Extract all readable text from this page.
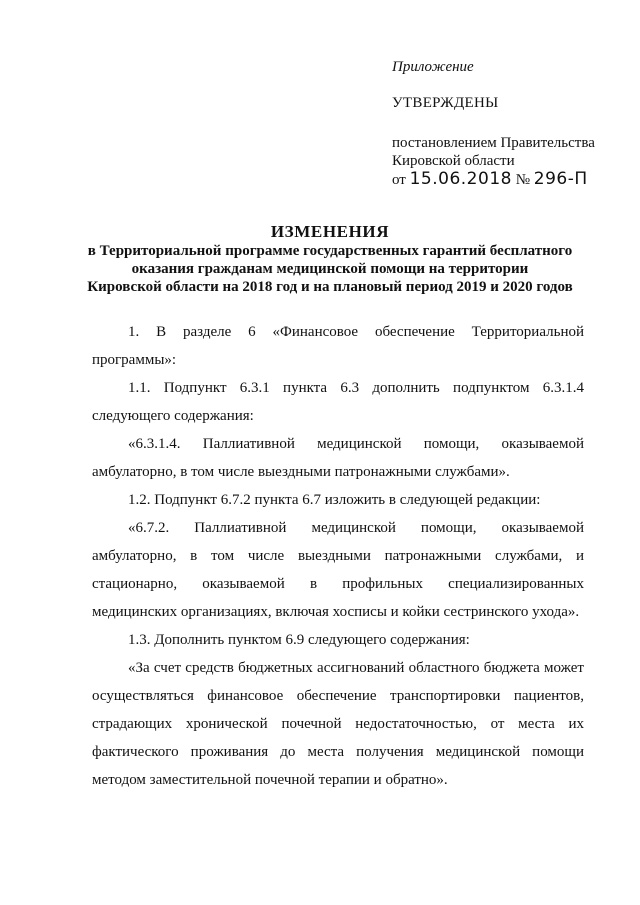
Приложение
УТВЕРЖДЕНЫ
постановлением Правительства
Кировской области
от 15.06.2018 № 296-П
ИЗМЕНЕНИЯ
в Территориальной программе государственных гарантий бесплатного
оказания гражданам медицинской помощи на территории
Кировской области на 2018 год и на плановый период 2019 и 2020 годов

1. В разделе 6 «Финансовое обеспечение Территориальной программы»:

1.1. Подпункт 6.3.1 пункта 6.3 дополнить подпунктом 6.3.1.4 следующего содержания:

«6.3.1.4. Паллиативной медицинской помощи, оказываемой амбулаторно, в том числе выездными патронажными службами».

1.2. Подпункт 6.7.2 пункта 6.7 изложить в следующей редакции:

«6.7.2. Паллиативной медицинской помощи, оказываемой амбулаторно, в том числе выездными патронажными службами, и стационарно, оказываемой в профильных специализированных медицинских организациях, включая хосписы и койки сестринского ухода».

1.3. Дополнить пунктом 6.9 следующего содержания:

«За счет средств бюджетных ассигнований областного бюджета может осуществляться финансовое обеспечение транспортировки пациентов, страдающих хронической почечной недостаточностью, от места их фактического проживания до места получения медицинской помощи методом заместительной почечной терапии и обратно».
